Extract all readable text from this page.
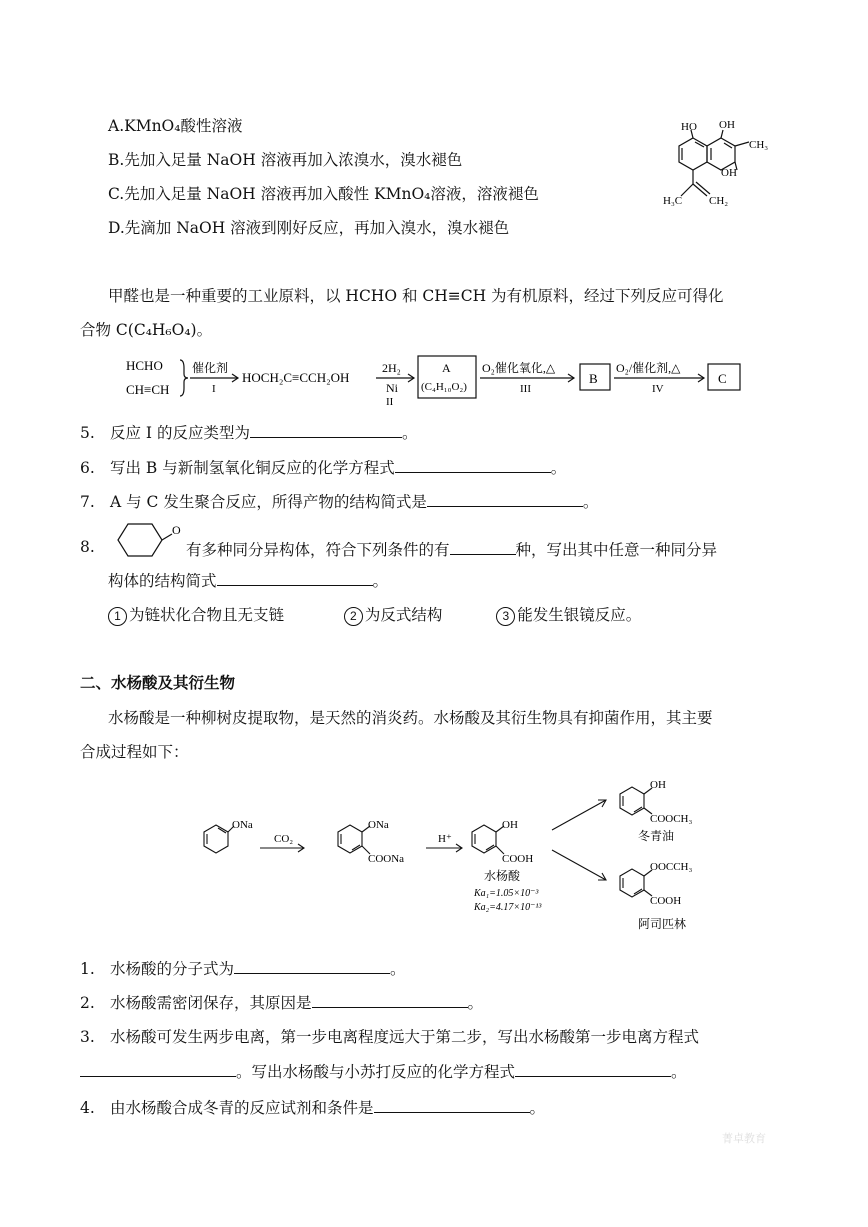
A.KMnO₄酸性溶液
B.先加入足量 NaOH 溶液再加入浓溴水，溴水褪色
C.先加入足量 NaOH 溶液再加入酸性 KMnO₄溶液，溶液褪色
D.先滴加 NaOH 溶液到刚好反应，再加入溴水，溴水褪色
HO OH
CH₃
OH
H₃C CH₂
甲醛也是一种重要的工业原料，以 HCHO 和 CH≡CH 为有机原料，经过下列反应可得化
合物 C(C₄H₆O₄)。
HCHO
CH≡CH
催化剂
I
HOCH₂C≡CCH₂OH
2H₂
Ni
II
A
(C₄H₁₀O₂)
O₂催化氧化,△
III
B
O₂/催化剂,△
IV
C
5. 反应 I 的反应类型为	。
6. 写出 B 与新制氢氧化铜反应的化学方程式	。
7. A 与 C 发生聚合反应，所得产物的结构简式是	。
8.
O
有多种同分异构体，符合下列条件的有	种，写出其中任意一种同分异
构体的结构简式	。
1 为链状化合物且无支链	2 为反式结构	3 能发生银镜反应。
二、水杨酸及其衍生物
水杨酸是一种柳树皮提取物，是天然的消炎药。水杨酸及其衍生物具有抑菌作用，其主要
合成过程如下：
ONa
CO₂
ONa
COONa
H⁺
OH
COOH
水杨酸
Ka₁=1.05×10⁻³
Ka₂=4.17×10⁻¹³
OH
COOCH₃
冬青油
OOCCH₃
COOH
阿司匹林
1. 水杨酸的分子式为	。
2. 水杨酸需密闭保存，其原因是	。
3. 水杨酸可发生两步电离，第一步电离程度远大于第二步，写出水杨酸第一步电离方程式
。写出水杨酸与小苏打反应的化学方程式	。
4. 由水杨酸合成冬青的反应试剂和条件是	。
菁卓教育
